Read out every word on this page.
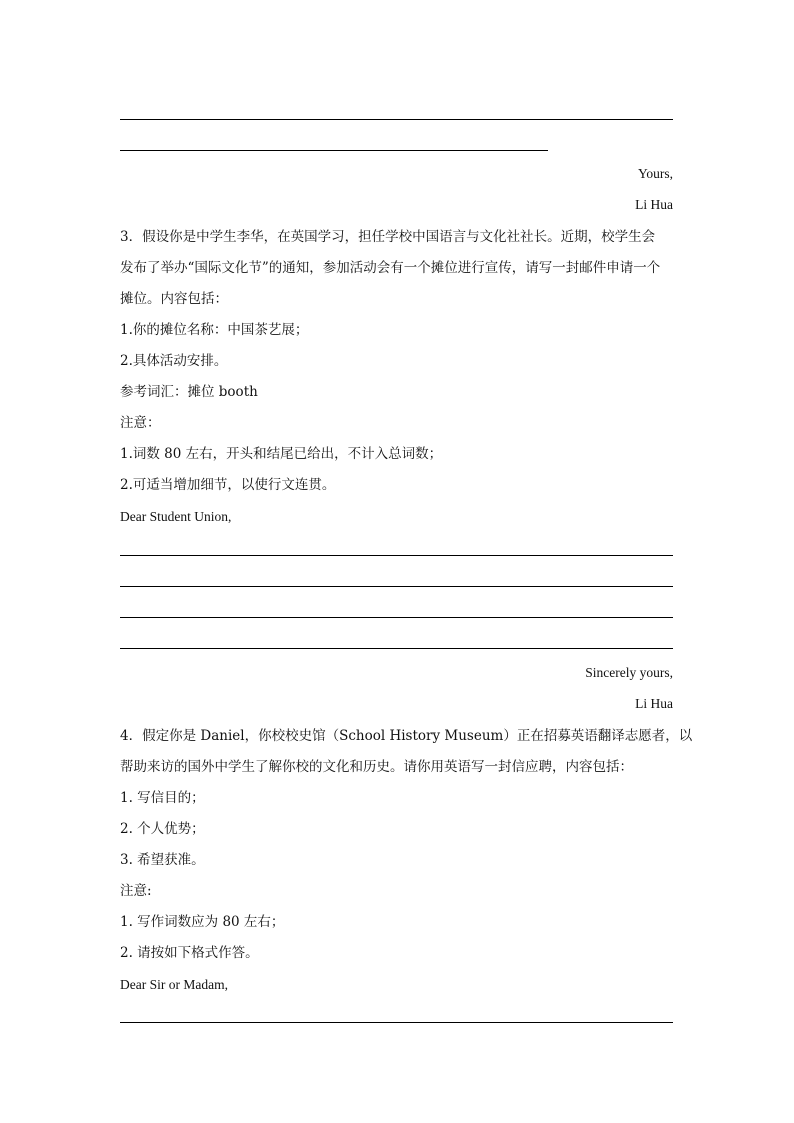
Yours,
Li Hua
3．假设你是中学生李华，在英国学习，担任学校中国语言与文化社社长。近期，校学生会
发布了举办“国际文化节”的通知，参加活动会有一个摊位进行宣传，请写一封邮件申请一个
摊位。内容包括：
1.你的摊位名称：中国茶艺展；
2.具体活动安排。
参考词汇：摊位 booth
注意：
1.词数 80 左右，开头和结尾已给出，不计入总词数；
2.可适当增加细节，以使行文连贯。
Dear Student Union,
Sincerely yours,
Li Hua
4．假定你是 Daniel，你校校史馆（School History Museum）正在招募英语翻译志愿者，以
帮助来访的国外中学生了解你校的文化和历史。请你用英语写一封信应聘，内容包括：
1. 写信目的；
2. 个人优势；
3. 希望获准。
注意:
1. 写作词数应为 80 左右；
2. 请按如下格式作答。
Dear Sir or Madam,
